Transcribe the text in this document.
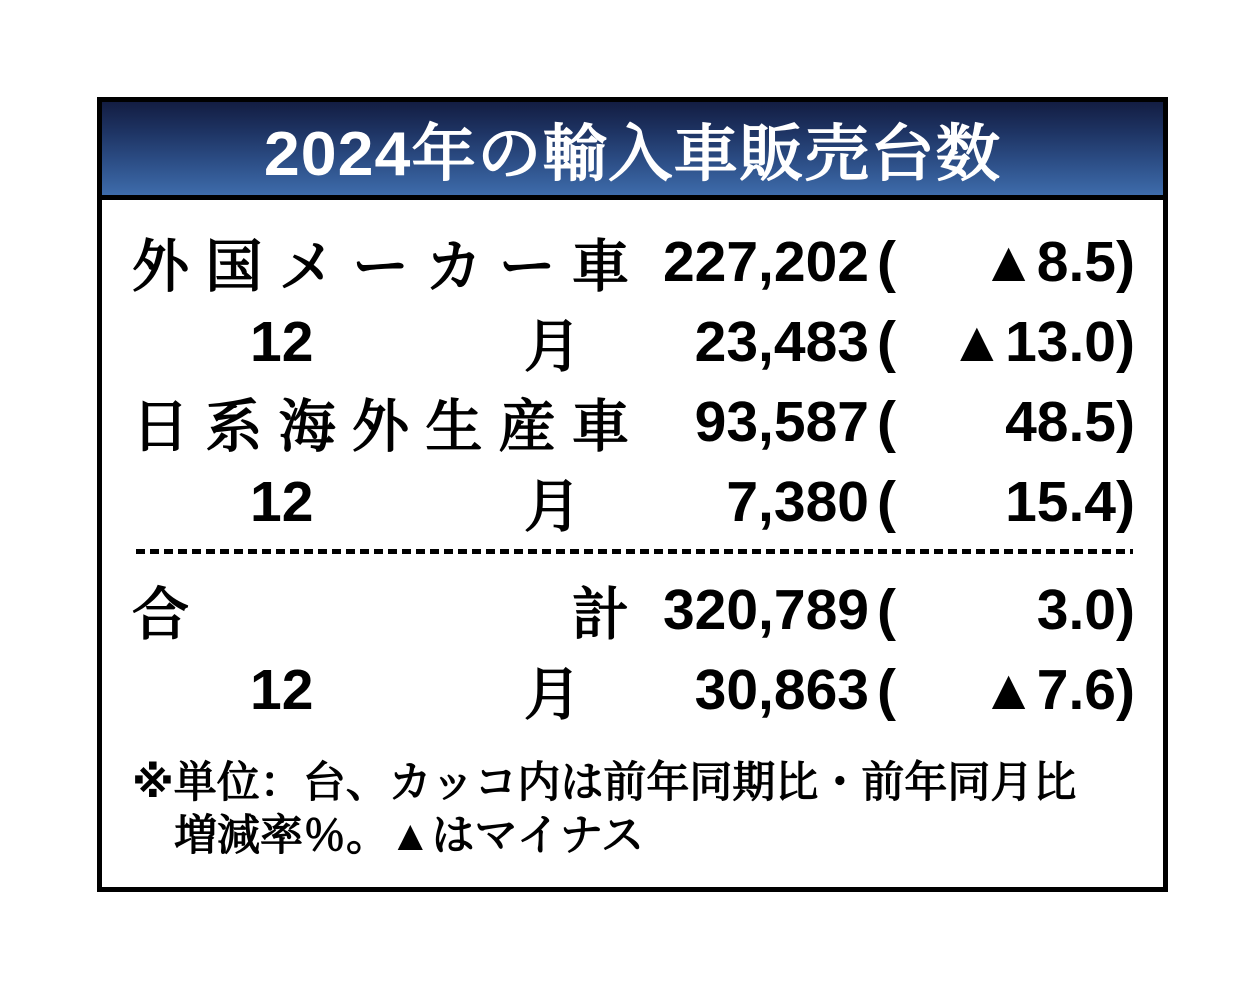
2024年の輸入車販売台数
外 国 メ ー カ ー 車 227,202 (	▲8.5 )
12	月	23,483 ( ▲13.0 )
日 系 海 外 生 産 車	93,587 (	48.5 )
12	月	7,380 (	15.4 )
合	計 320,789 (	3.0 )
12	月	30,863 (	▲7.6 )
※単位：台、カッコ内は前年同期比・前年同月比
増減率％。▲はマイナス
